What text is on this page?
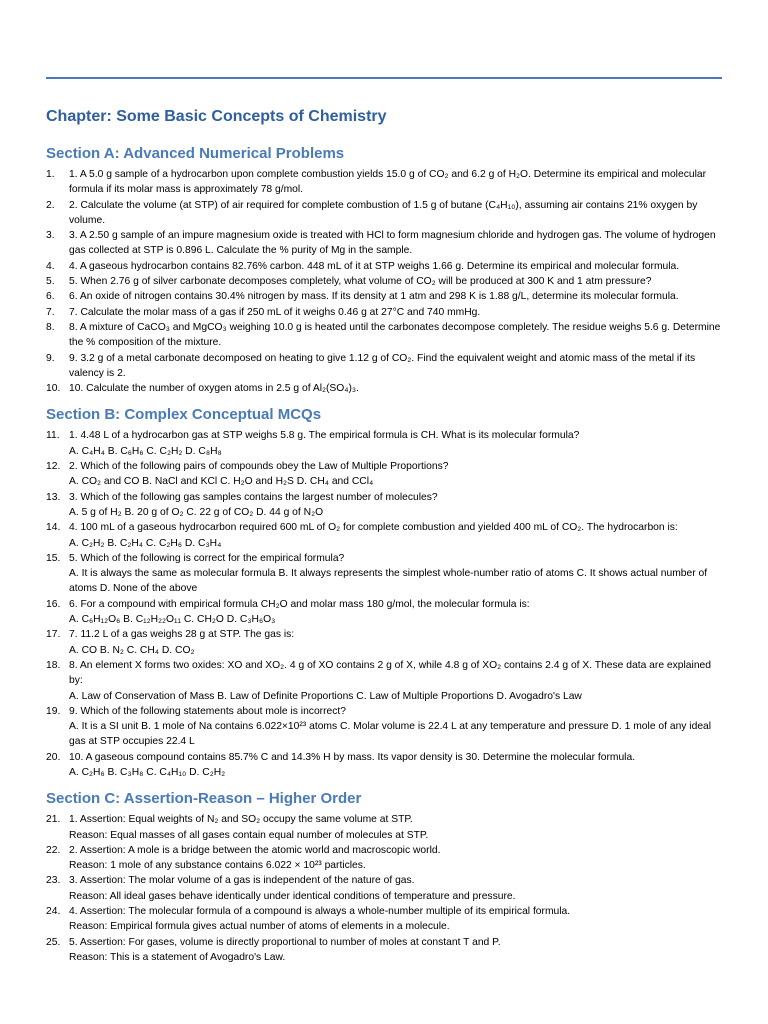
Chapter: Some Basic Concepts of Chemistry
Section A: Advanced Numerical Problems
1.	1. A 5.0 g sample of a hydrocarbon upon complete combustion yields 15.0 g of CO₂ and 6.2 g of H₂O. Determine its empirical and molecular formula if its molar mass is approximately 78 g/mol.
2.	2. Calculate the volume (at STP) of air required for complete combustion of 1.5 g of butane (C₄H₁₀), assuming air contains 21% oxygen by volume.
3.	3. A 2.50 g sample of an impure magnesium oxide is treated with HCl to form magnesium chloride and hydrogen gas. The volume of hydrogen gas collected at STP is 0.896 L. Calculate the % purity of Mg in the sample.
4.	4. A gaseous hydrocarbon contains 82.76% carbon. 448 mL of it at STP weighs 1.66 g. Determine its empirical and molecular formula.
5.	5. When 2.76 g of silver carbonate decomposes completely, what volume of CO₂ will be produced at 300 K and 1 atm pressure?
6.	6. An oxide of nitrogen contains 30.4% nitrogen by mass. If its density at 1 atm and 298 K is 1.88 g/L, determine its molecular formula.
7.	7. Calculate the molar mass of a gas if 250 mL of it weighs 0.46 g at 27°C and 740 mmHg.
8.	8. A mixture of CaCO₃ and MgCO₃ weighing 10.0 g is heated until the carbonates decompose completely. The residue weighs 5.6 g. Determine the % composition of the mixture.
9.	9. 3.2 g of a metal carbonate decomposed on heating to give 1.12 g of CO₂. Find the equivalent weight and atomic mass of the metal if its valency is 2.
10. 10. Calculate the number of oxygen atoms in 2.5 g of Al₂(SO₄)₃.
Section B: Complex Conceptual MCQs
11. 1. 4.48 L of a hydrocarbon gas at STP weighs 5.8 g. The empirical formula is CH. What is its molecular formula?
A. C₄H₄ B. C₆H₆ C. C₂H₂ D. C₈H₈
12. 2. Which of the following pairs of compounds obey the Law of Multiple Proportions?
A. CO₂ and CO B. NaCl and KCl C. H₂O and H₂S D. CH₄ and CCl₄
13. 3. Which of the following gas samples contains the largest number of molecules?
A. 5 g of H₂ B. 20 g of O₂ C. 22 g of CO₂ D. 44 g of N₂O
14. 4. 100 mL of a gaseous hydrocarbon required 600 mL of O₂ for complete combustion and yielded 400 mL of CO₂. The hydrocarbon is:
A. C₂H₂ B. C₂H₄ C. C₂H₆ D. C₃H₄
15. 5. Which of the following is correct for the empirical formula?
A. It is always the same as molecular formula B. It always represents the simplest whole-number ratio of atoms C. It shows actual number of atoms D. None of the above
16. 6. For a compound with empirical formula CH₂O and molar mass 180 g/mol, the molecular formula is:
A. C₆H₁₂O₆ B. C₁₂H₂₂O₁₁ C. CH₂O D. C₃H₆O₃
17. 7. 11.2 L of a gas weighs 28 g at STP. The gas is:
A. CO B. N₂ C. CH₄ D. CO₂
18. 8. An element X forms two oxides: XO and XO₂. 4 g of XO contains 2 g of X, while 4.8 g of XO₂ contains 2.4 g of X. These data are explained by:
A. Law of Conservation of Mass B. Law of Definite Proportions C. Law of Multiple Proportions D. Avogadro's Law
19. 9. Which of the following statements about mole is incorrect?
A. It is a SI unit B. 1 mole of Na contains 6.022×10²³ atoms C. Molar volume is 22.4 L at any temperature and pressure D. 1 mole of any ideal gas at STP occupies 22.4 L
20. 10. A gaseous compound contains 85.7% C and 14.3% H by mass. Its vapor density is 30. Determine the molecular formula.
A. C₂H₆ B. C₃H₈ C. C₄H₁₀ D. C₂H₂
Section C: Assertion-Reason – Higher Order
21. 1. Assertion: Equal weights of N₂ and SO₂ occupy the same volume at STP.
Reason: Equal masses of all gases contain equal number of molecules at STP.
22. 2. Assertion: A mole is a bridge between the atomic world and macroscopic world.
Reason: 1 mole of any substance contains 6.022 × 10²³ particles.
23. 3. Assertion: The molar volume of a gas is independent of the nature of gas.
Reason: All ideal gases behave identically under identical conditions of temperature and pressure.
24. 4. Assertion: The molecular formula of a compound is always a whole-number multiple of its empirical formula.
Reason: Empirical formula gives actual number of atoms of elements in a molecule.
25. 5. Assertion: For gases, volume is directly proportional to number of moles at constant T and P.
Reason: This is a statement of Avogadro's Law.
